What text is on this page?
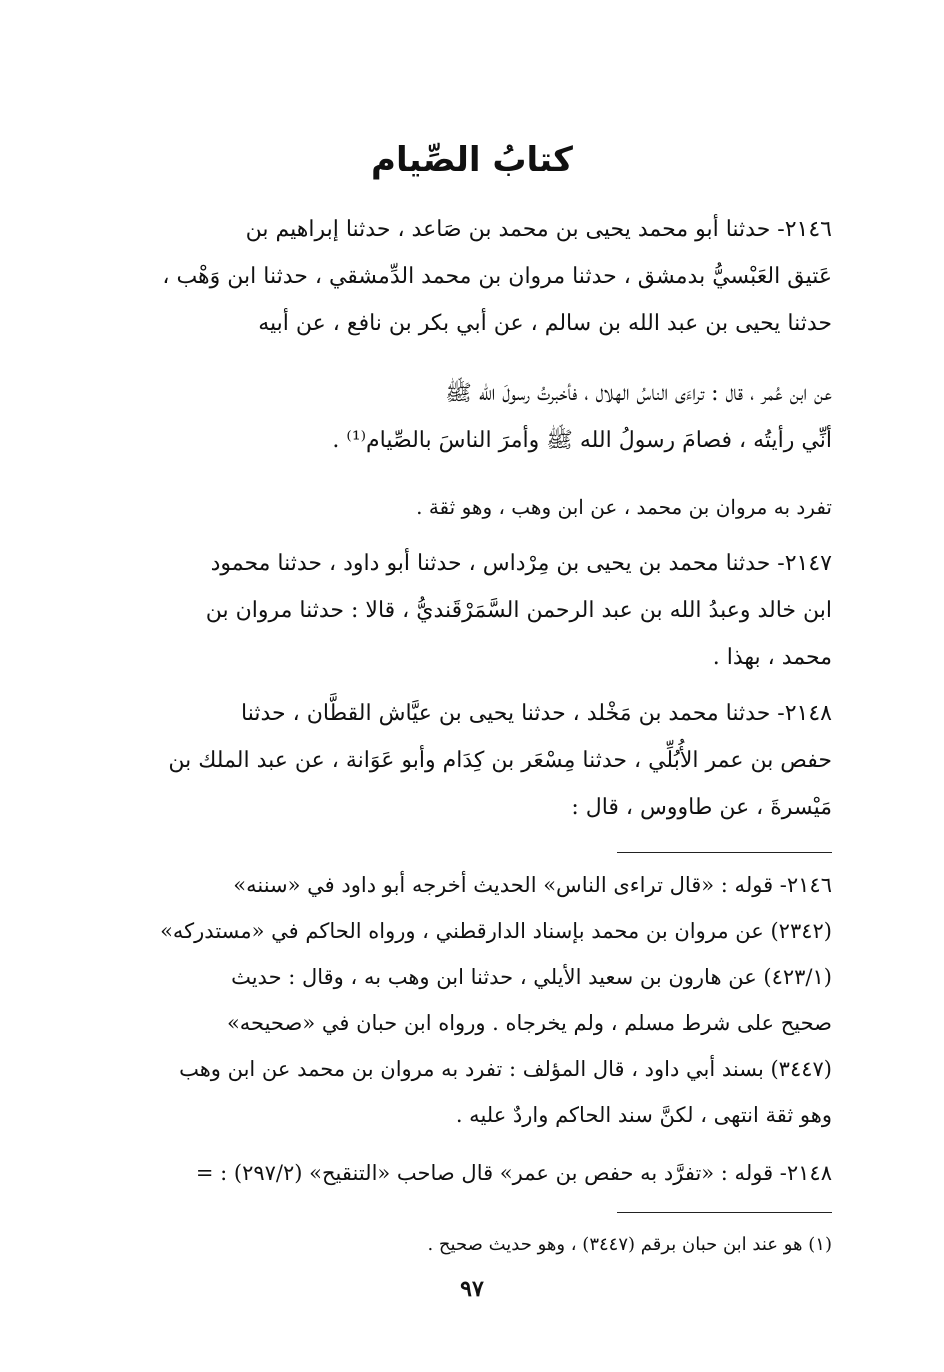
كتابُ الصِّيام
٢١٤٦- حدثنا أبو محمد يحيى بن محمد بن صَاعد ، حدثنا إبراهيم بن
عَتيق العَبْسيُّ بدمشق ، حدثنا مروان بن محمد الدِّمشقي ، حدثنا ابن وَهْب ،
حدثنا يحيى بن عبد الله بن سالم ، عن أبي بكر بن نافع ، عن أبيه
عن ابن عُمر ، قال : تراءَى الناسُ الهلال ، فأخبرتُ رسولَ الله ﷺ
أنِّي رأيتُه ، فصامَ رسولُ الله ﷺ وأمرَ الناسَ بالصِّيام⁽¹⁾ .
تفرد به مروان بن محمد ، عن ابن وهب ، وهو ثقة .
٢١٤٧- حدثنا محمد بن يحيى بن مِرْداس ، حدثنا أبو داود ، حدثنا محمود
ابن خالد وعبدُ الله بن عبد الرحمن السَّمَرْقَنديُّ ، قالا : حدثنا مروان بن
محمد ، بهذا .
٢١٤٨- حدثنا محمد بن مَخْلد ، حدثنا يحيى بن عيَّاش القطَّان ، حدثنا
حفص بن عمر الأُبُلِّي ، حدثنا مِسْعَر بن كِدَام وأبو عَوَانة ، عن عبد الملك بن
مَيْسرةَ ، عن طاووس ، قال :
٢١٤٦- قوله : «قال تراءى الناس» الحديث أخرجه أبو داود في «سننه»
(٢٣٤٢) عن مروان بن محمد بإسناد الدارقطني ، ورواه الحاكم في «مستدركه»
(٤٢٣/١) عن هارون بن سعيد الأيلي ، حدثنا ابن وهب به ، وقال : حديث
صحيح على شرط مسلم ، ولم يخرجاه . ورواه ابن حبان في «صحيحه»
(٣٤٤٧) بسند أبي داود ، قال المؤلف : تفرد به مروان بن محمد عن ابن وهب
وهو ثقة انتهى ، لكنَّ سند الحاكم واردٌ عليه .
٢١٤٨- قوله : «تفرَّد به حفص بن عمر» قال صاحب «التنقيح» (٢٩٧/٢) : =
(١) هو عند ابن حبان برقم (٣٤٤٧) ، وهو حديث صحيح .
٩٧
